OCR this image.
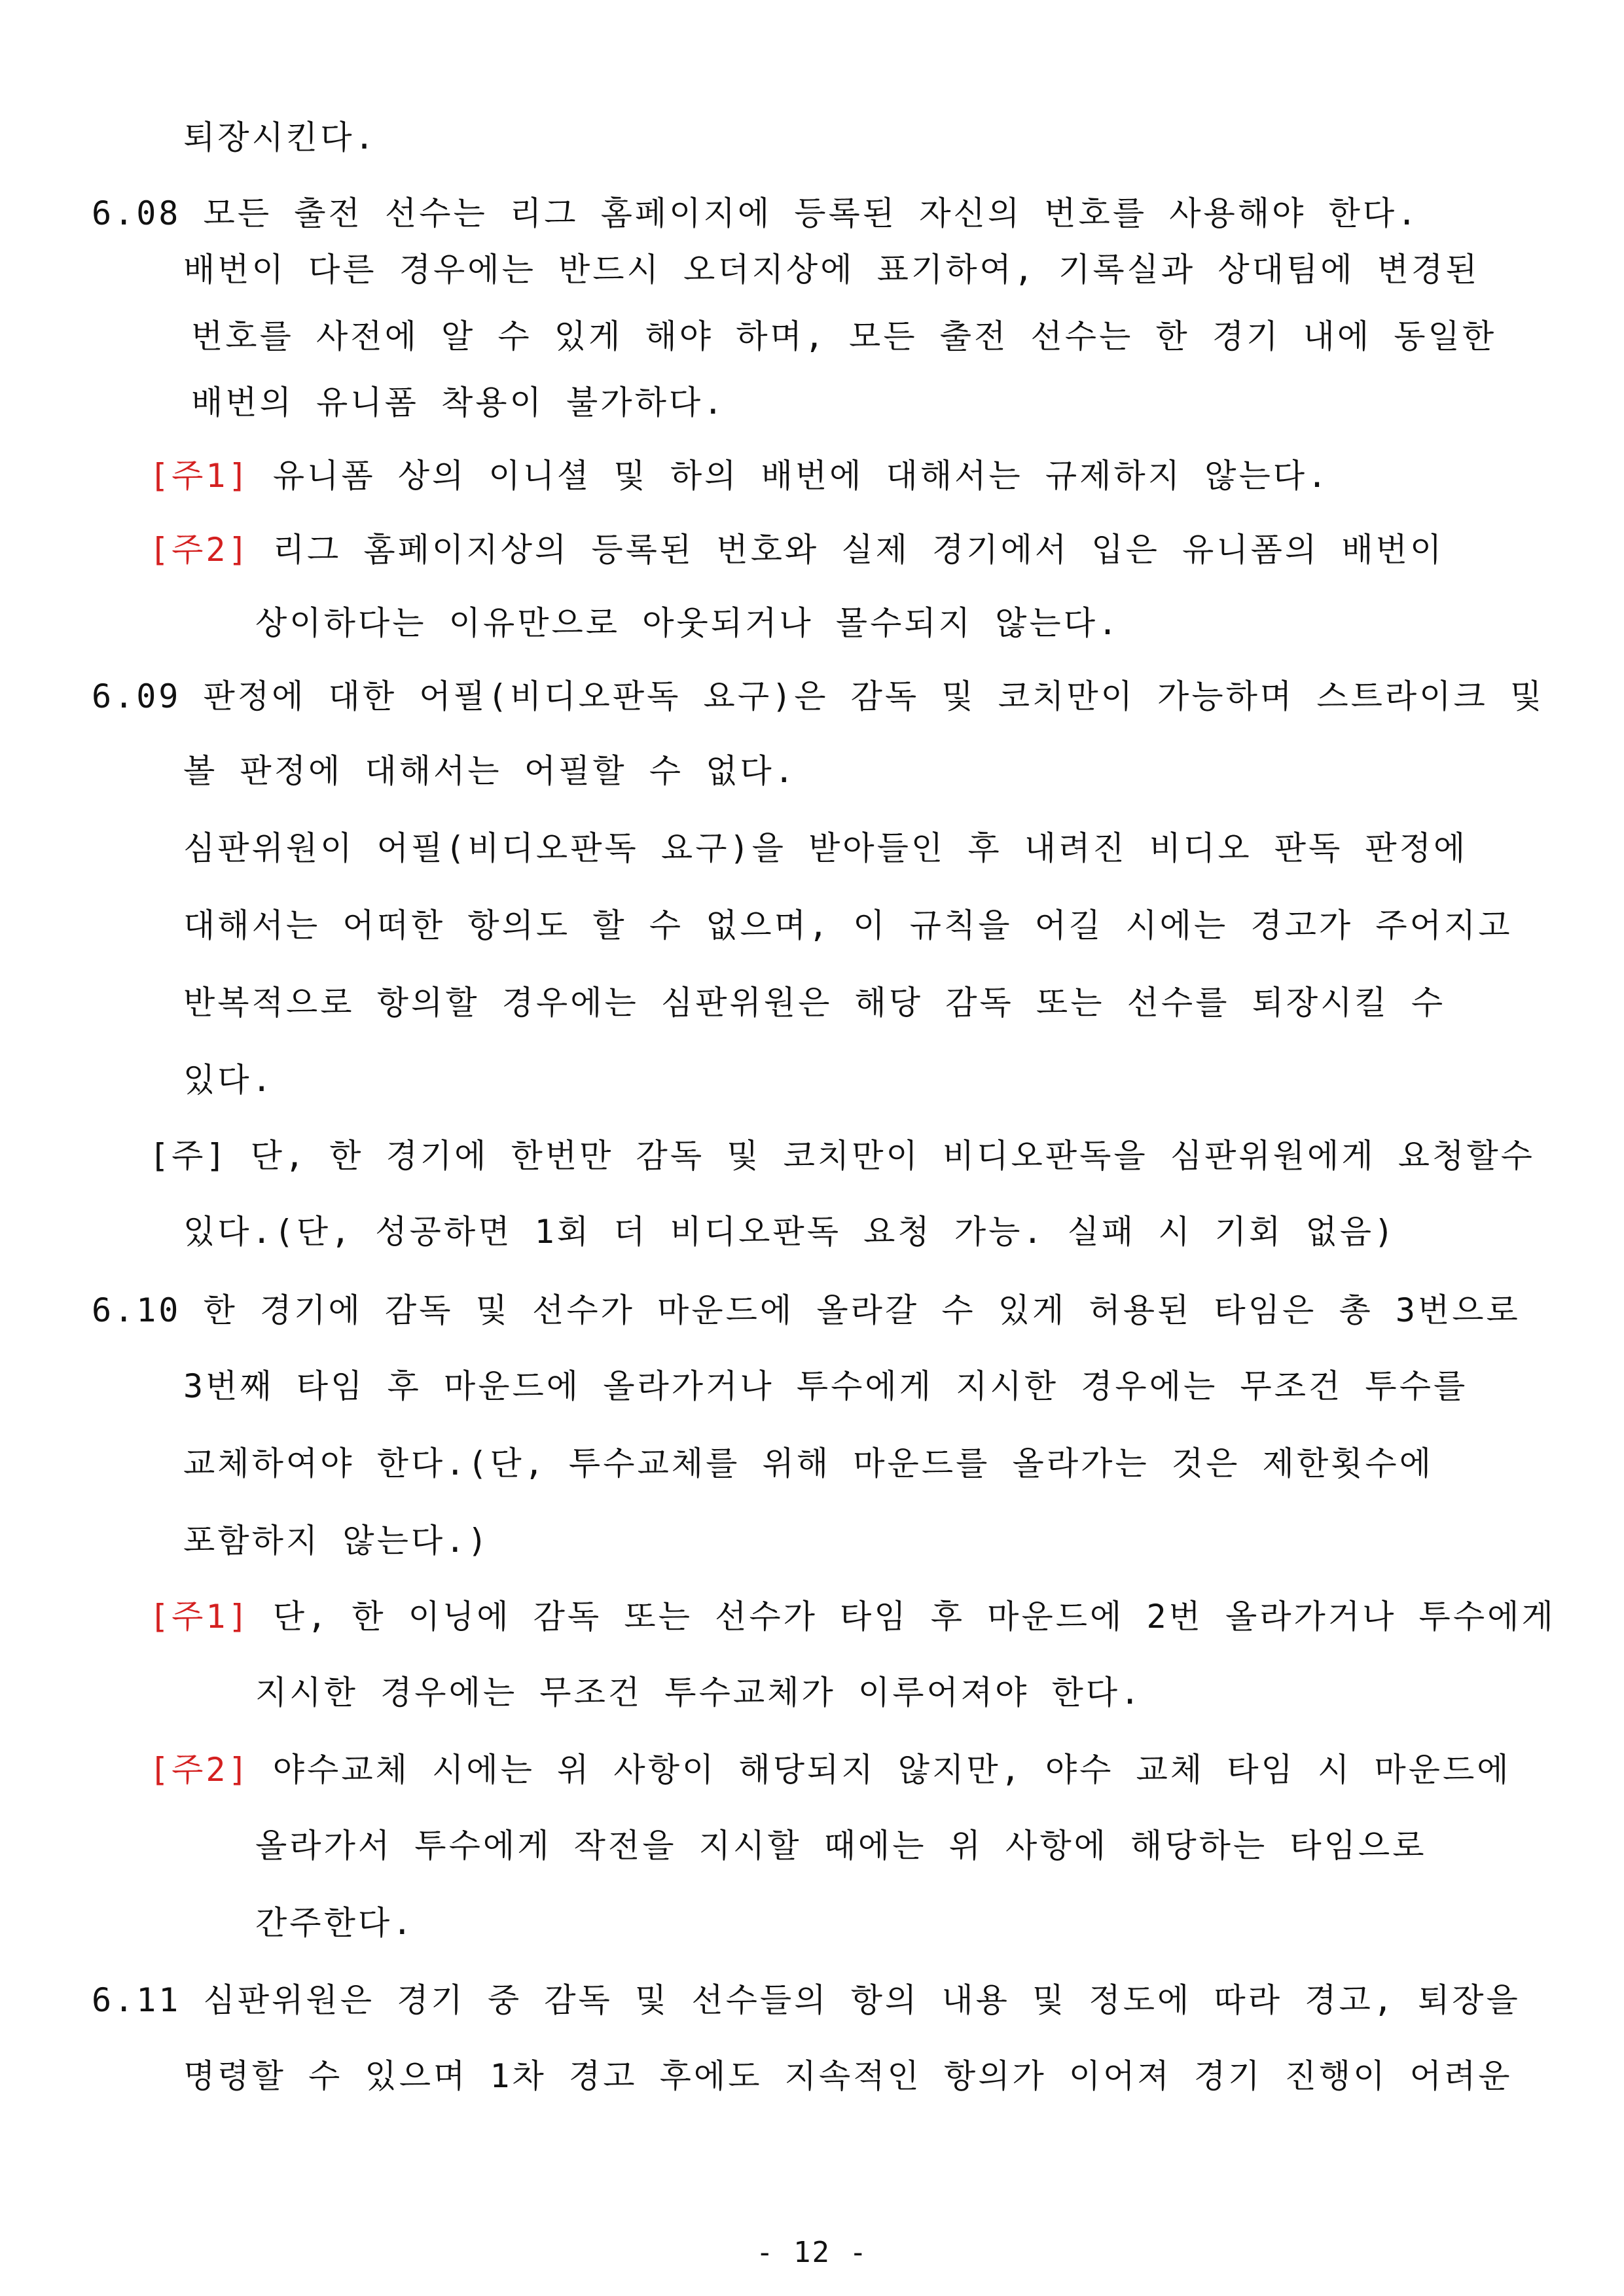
퇴장시킨다.
6.08 모든 출전 선수는 리그 홈페이지에 등록된 자신의 번호를 사용해야 한다.
배번이 다른 경우에는 반드시 오더지상에 표기하여, 기록실과 상대팀에 변경된
번호를 사전에 알 수 있게 해야 하며, 모든 출전 선수는 한 경기 내에 동일한
배번의 유니폼 착용이 불가하다.
[주1] 유니폼 상의 이니셜 및 하의 배번에 대해서는 규제하지 않는다.
[주2] 리그 홈페이지상의 등록된 번호와 실제 경기에서 입은 유니폼의 배번이
상이하다는 이유만으로 아웃되거나 몰수되지 않는다.
6.09 판정에 대한 어필(비디오판독 요구)은 감독 및 코치만이 가능하며 스트라이크 및
볼 판정에 대해서는 어필할 수 없다.
심판위원이 어필(비디오판독 요구)을 받아들인 후 내려진 비디오 판독 판정에
대해서는 어떠한 항의도 할 수 없으며, 이 규칙을 어길 시에는 경고가 주어지고
반복적으로 항의할 경우에는 심판위원은 해당 감독 또는 선수를 퇴장시킬 수
있다.
[주] 단, 한 경기에 한번만 감독 및 코치만이 비디오판독을 심판위원에게 요청할수
있다.(단, 성공하면 1회 더 비디오판독 요청 가능. 실패 시 기회 없음)
6.10 한 경기에 감독 및 선수가 마운드에 올라갈 수 있게 허용된 타임은 총 3번으로
3번째 타임 후 마운드에 올라가거나 투수에게 지시한 경우에는 무조건 투수를
교체하여야 한다.(단, 투수교체를 위해 마운드를 올라가는 것은 제한횟수에
포함하지 않는다.)
[주1] 단, 한 이닝에 감독 또는 선수가 타임 후 마운드에 2번 올라가거나 투수에게
지시한 경우에는 무조건 투수교체가 이루어져야 한다.
[주2] 야수교체 시에는 위 사항이 해당되지 않지만, 야수 교체 타임 시 마운드에
올라가서 투수에게 작전을 지시할 때에는 위 사항에 해당하는 타임으로
간주한다.
6.11 심판위원은 경기 중 감독 및 선수들의 항의 내용 및 정도에 따라 경고, 퇴장을
명령할 수 있으며 1차 경고 후에도 지속적인 항의가 이어져 경기 진행이 어려운
- 12 -
